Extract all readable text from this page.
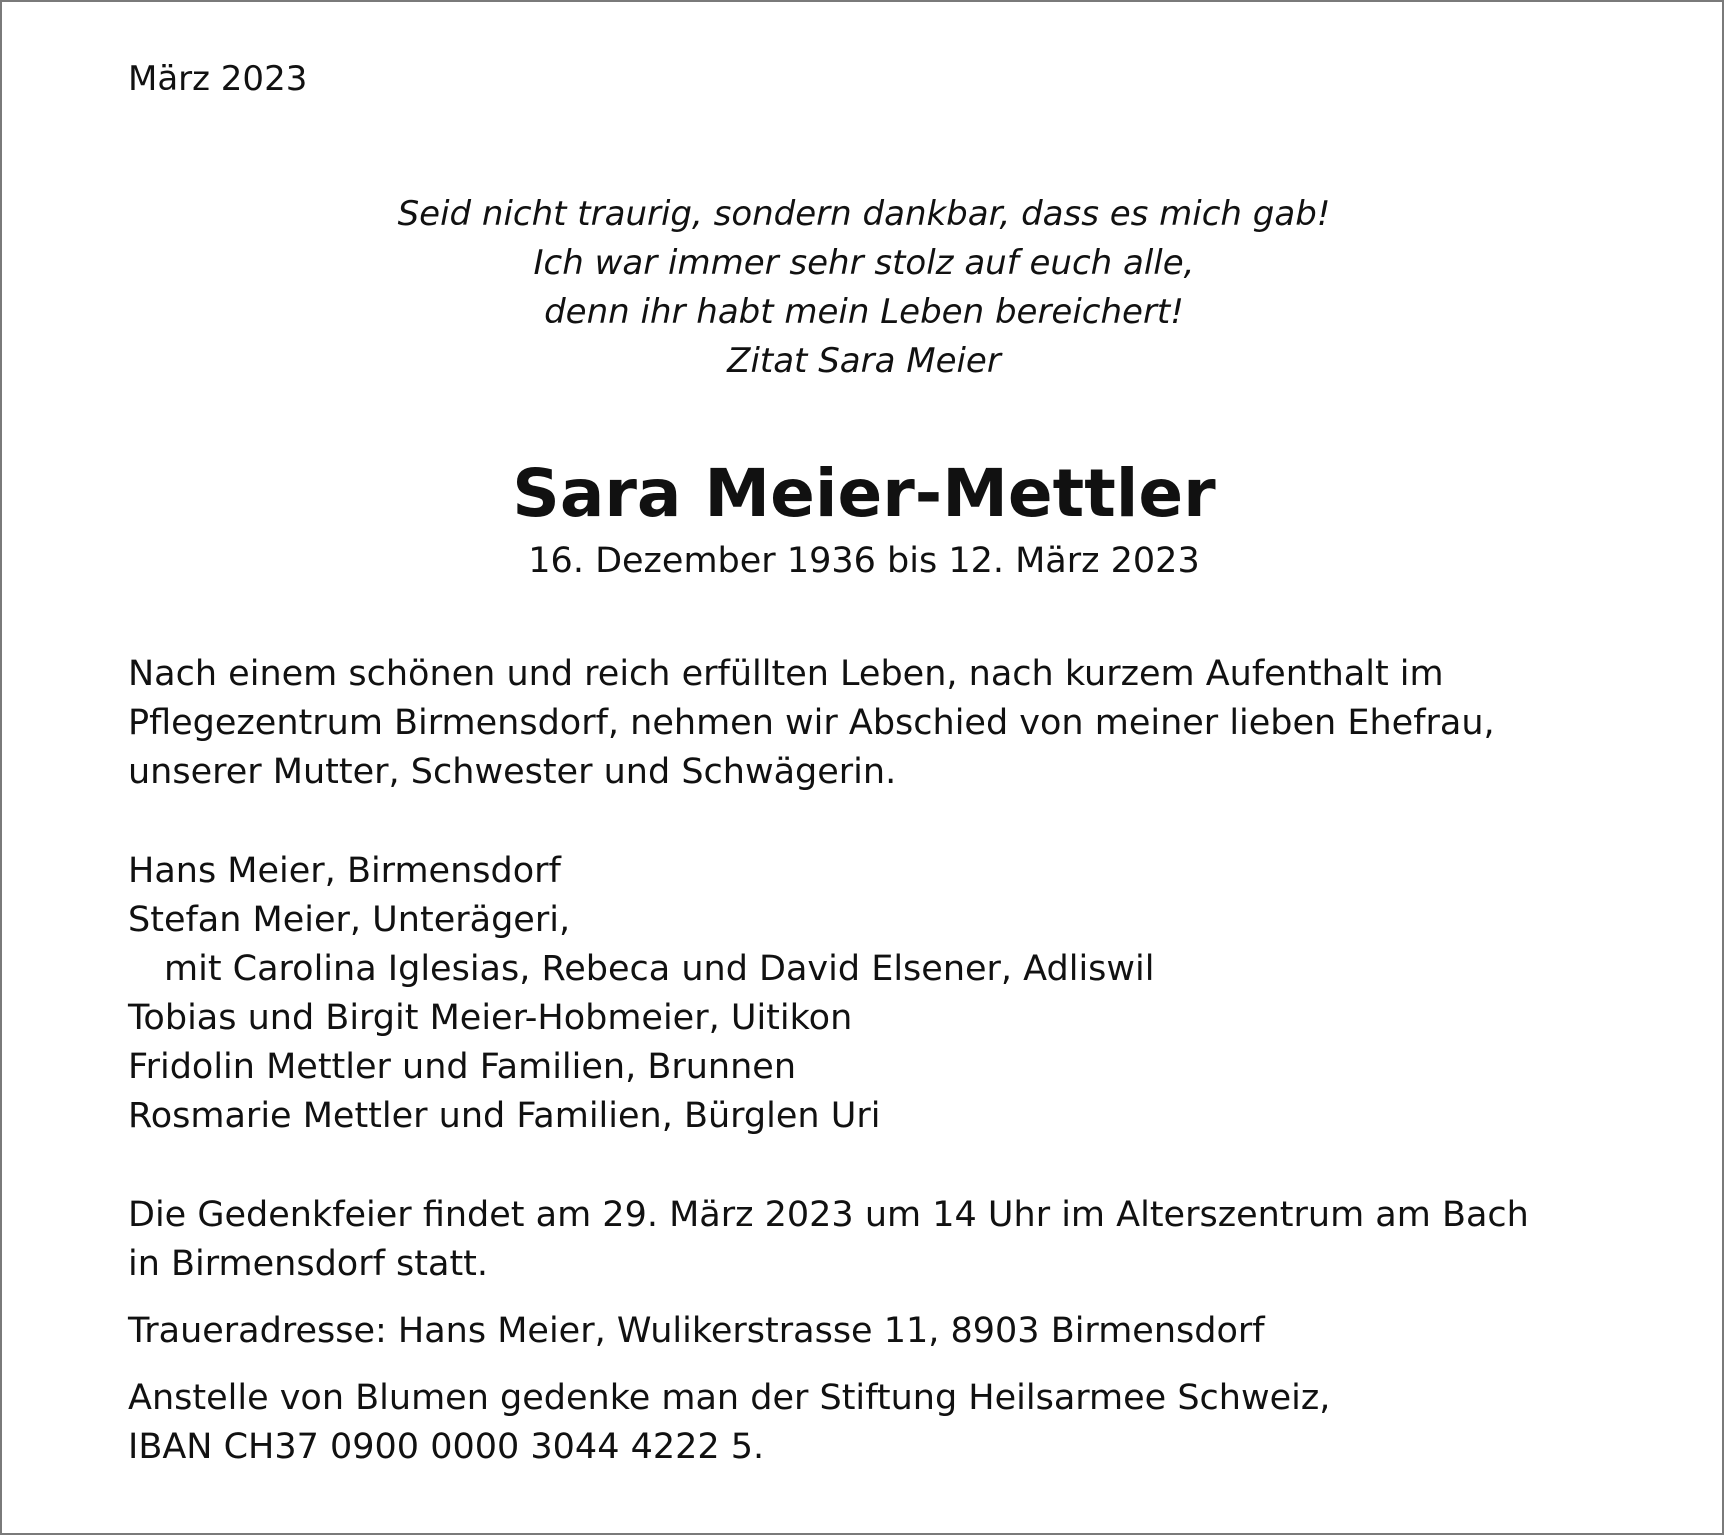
März 2023

Seid nicht traurig, sondern dankbar, dass es mich gab!
Ich war immer sehr stolz auf euch alle,
denn ihr habt mein Leben bereichert!
Zitat Sara Meier
Sara Meier-Mettler
16. Dezember 1936 bis 12. März 2023
Nach einem schönen und reich erfüllten Leben, nach kurzem Aufenthalt im
Pflegezentrum Birmensdorf, nehmen wir Abschied von meiner lieben Ehefrau,
unserer Mutter, Schwester und Schwägerin.
Hans Meier, Birmensdorf
Stefan Meier, Unterägeri,
mit Carolina Iglesias, Rebeca und David Elsener, Adliswil
Tobias und Birgit Meier-Hobmeier, Uitikon
Fridolin Mettler und Familien, Brunnen
Rosmarie Mettler und Familien, Bürglen Uri
Die Gedenkfeier findet am 29. März 2023 um 14 Uhr im Alterszentrum am Bach
in Birmensdorf statt.
Traueradresse: Hans Meier, Wulikerstrasse 11, 8903 Birmensdorf
Anstelle von Blumen gedenke man der Stiftung Heilsarmee Schweiz,
IBAN CH37 0900 0000 3044 4222 5.
